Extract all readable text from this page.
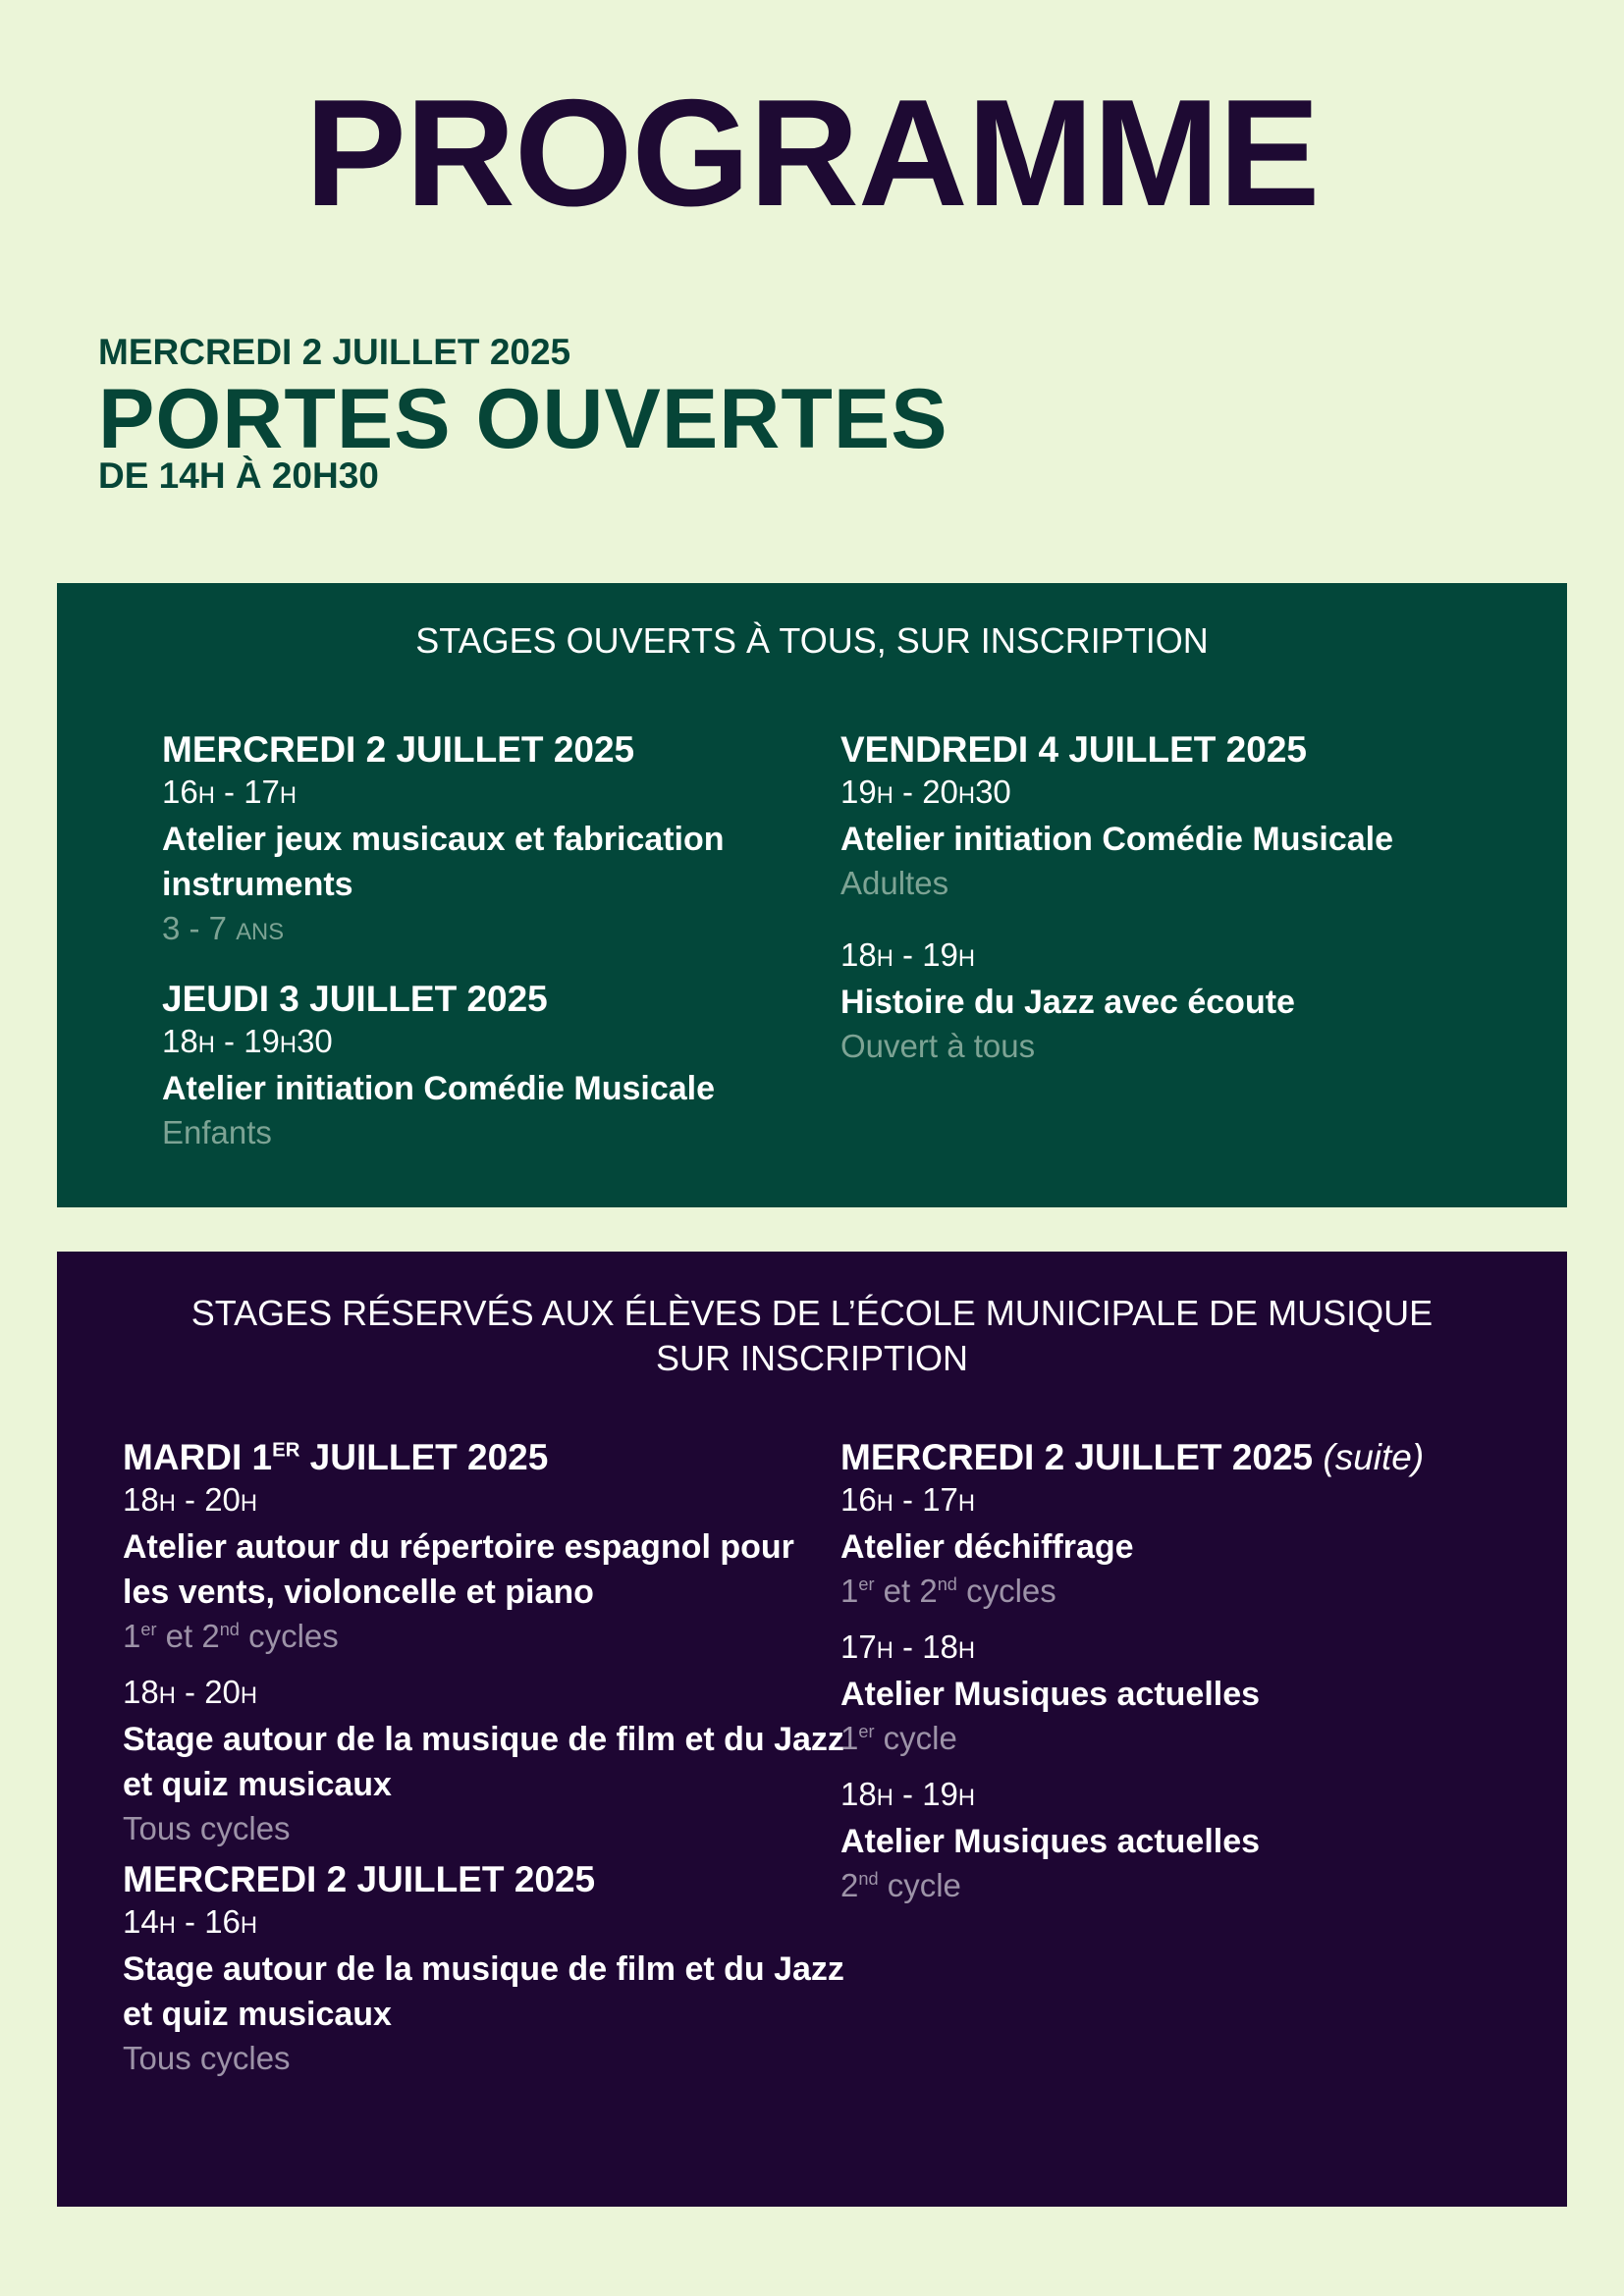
PROGRAMME
MERCREDI 2 JUILLET 2025
PORTES OUVERTES
DE 14H À 20H30
STAGES OUVERTS À TOUS, SUR INSCRIPTION

MERCREDI 2 JUILLET 2025

16H - 17H

Atelier jeux musicaux et fabrication instruments

3 - 7 ANS

JEUDI 3 JUILLET 2025

18H - 19H30

Atelier initiation Comédie Musicale

Enfants

VENDREDI 4 JUILLET 2025

19H - 20H30

Atelier initiation Comédie Musicale

Adultes

18H - 19H

Histoire du Jazz avec écoute

Ouvert à tous

STAGES RÉSERVÉS AUX ÉLÈVES DE L’ÉCOLE MUNICIPALE DE MUSIQUE
SUR INSCRIPTION

MARDI 1ER JUILLET 2025

18H - 20H

Atelier autour du répertoire espagnol pour les vents, violoncelle et piano

1er et 2nd cycles

18H - 20H

Stage autour de la musique de film et du Jazz et quiz musicaux

Tous cycles

MERCREDI 2 JUILLET 2025

14H - 16H

Stage autour de la musique de film et du Jazz et quiz musicaux

Tous cycles

MERCREDI 2 JUILLET 2025 (suite)

16H - 17H

Atelier déchiffrage

1er et 2nd cycles

17H - 18H

Atelier Musiques actuelles

1er cycle

18H - 19H

Atelier Musiques actuelles

2nd cycle
